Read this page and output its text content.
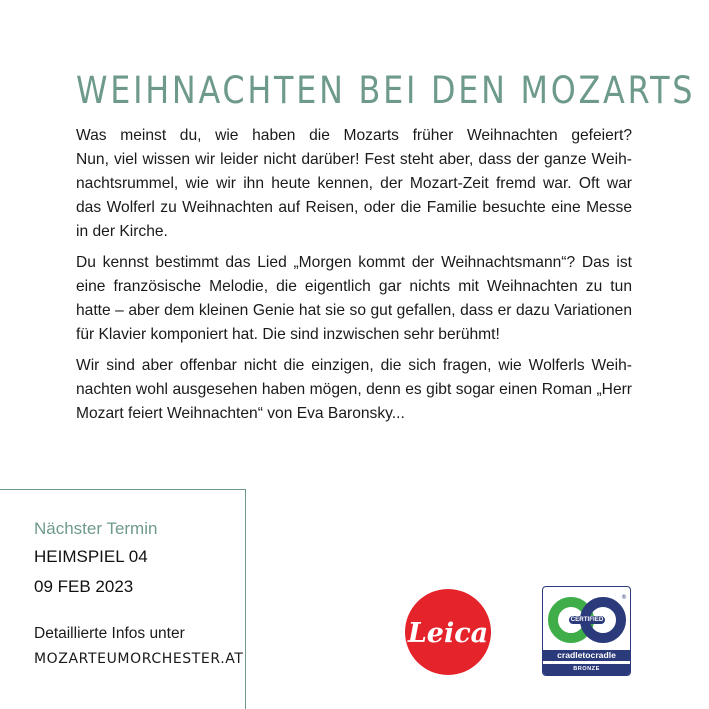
WEIHNACHTEN BEI DEN MOZARTS

Was meinst du, wie haben die Mozarts früher Weihnachten gefeiert?
Nun, viel wissen wir leider nicht darüber! Fest steht aber, dass der ganze Weih-
nachtsrummel, wie wir ihn heute kennen, der Mozart-Zeit fremd war. Oft war
das Wolferl zu Weihnachten auf Reisen, oder die Familie besuchte eine Messe
in der Kirche.

Du kennst bestimmt das Lied „Morgen kommt der Weihnachtsmann“? Das ist
eine französische Melodie, die eigentlich gar nichts mit Weihnachten zu tun
hatte – aber dem kleinen Genie hat sie so gut gefallen, dass er dazu Variationen
für Klavier komponiert hat. Die sind inzwischen sehr berühmt!

Wir sind aber offenbar nicht die einzigen, die sich fragen, wie Wolferls Weih-
nachten wohl ausgesehen haben mögen, denn es gibt sogar einen Roman „Herr
Mozart feiert Weihnachten“ von Eva Baronsky...

Nächster Termin
HEIMSPIEL 04
09 FEB 2023
Detaillierte Infos unter
MOZARTEUMORCHESTER.AT
Leica
®
CERTIFIED
cradletocradle
BRONZE
